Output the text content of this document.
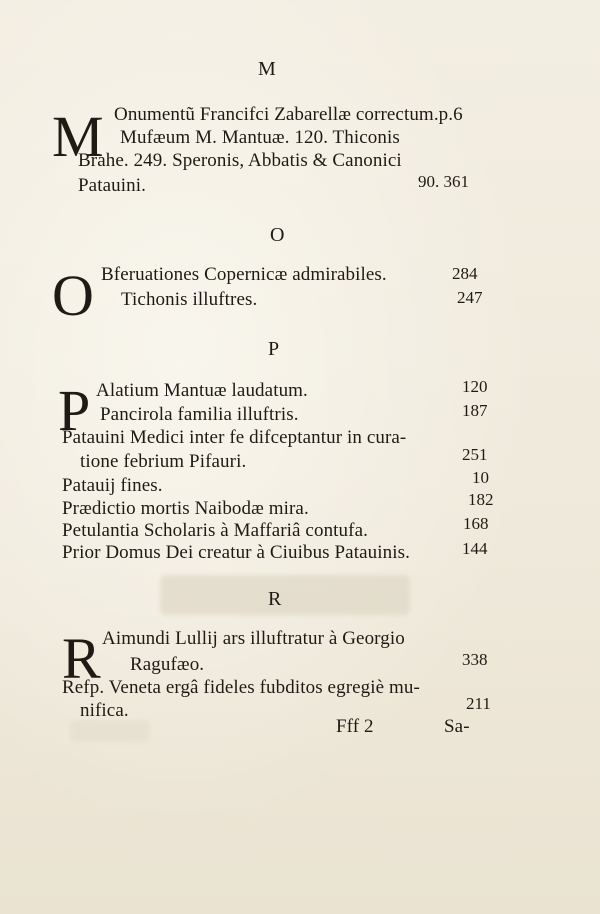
M
M Onumentũ Francifci Zabarellæ correctum.p.6
Mufæum M. Mantuæ. 120. Thiconis
Brahe. 249. Speronis, Abbatis & Canonici
Patauini.	90. 361
O
O Bferuationes Copernicæ admirabiles.	284
Tichonis illuftres.	247
P
P Alatium Mantuæ laudatum.	120
Pancirola familia illuftris.	187
Patauini Medici inter fe difceptantur in cura-
tione febrium Pifauri.	251
Patauij fines.	10
Prædictio mortis Naibodæ mira.	182
Petulantia Scholaris à Maffariâ contufa.	168
Prior Domus Dei creatur à Ciuibus Patauinis.	144
R
R Aimundi Lullij ars illuftratur à Georgio
Ragufæo.	338
Refp. Veneta ergâ fideles fubditos egregiè mu-
nifica.	211
Fff 2	Sa-
